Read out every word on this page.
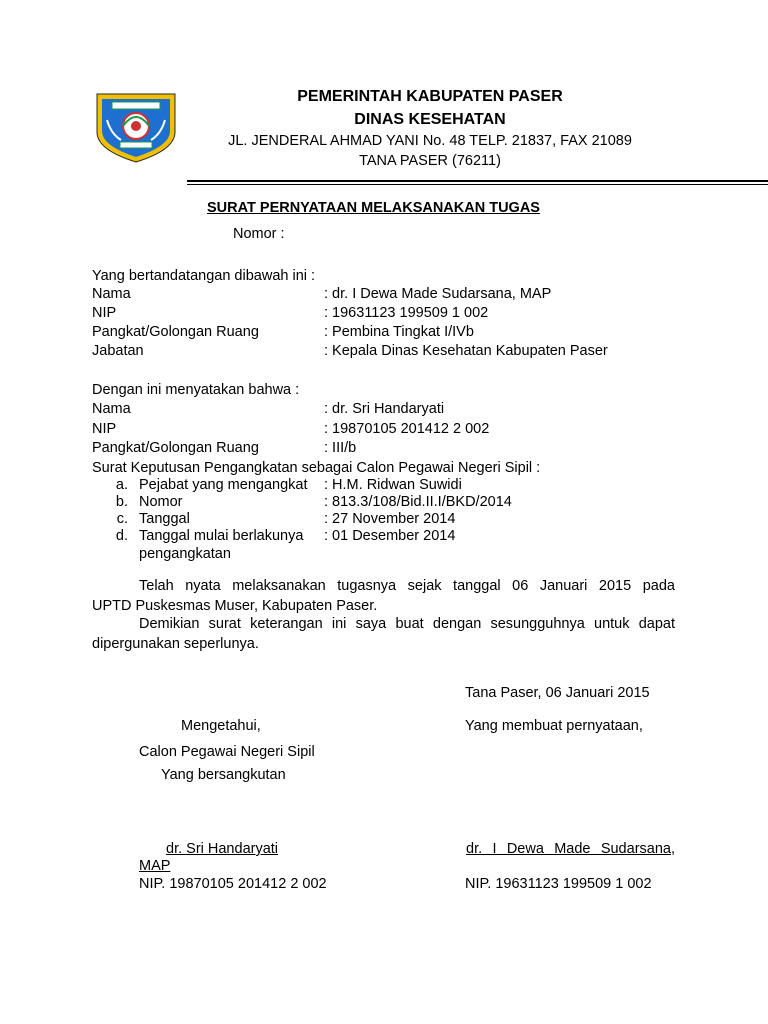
PEMERINTAH KABUPATEN PASER
DINAS KESEHATAN
JL. JENDERAL AHMAD YANI No. 48 TELP. 21837, FAX 21089
TANA PASER (76211)
SURAT PERNYATAAN MELAKSANAKAN TUGAS
Nomor :
Yang bertandatangan dibawah ini :
Nama	: dr. I Dewa Made Sudarsana, MAP
NIP	: 19631123 199509 1 002
Pangkat/Golongan Ruang	: Pembina Tingkat I/IVb
Jabatan	: Kepala Dinas Kesehatan Kabupaten Paser
Dengan ini menyatakan bahwa :
Nama	: dr. Sri Handaryati
NIP	: 19870105 201412 2 002
Pangkat/Golongan Ruang	: III/b
Surat Keputusan Pengangkatan sebagai Calon Pegawai Negeri Sipil :
a. Pejabat yang mengangkat : H.M. Ridwan Suwidi
b. Nomor	: 813.3/108/Bid.II.I/BKD/2014
c. Tanggal	: 27 November 2014
d. Tanggal mulai berlakunya : 01 Desember 2014
pengangkatan
Telah nyata melaksanakan tugasnya sejak tanggal 06 Januari 2015 pada
UPTD Puskesmas Muser, Kabupaten Paser.
Demikian surat keterangan ini saya buat dengan sesungguhnya untuk dapat
dipergunakan seperlunya.
Tana Paser, 06 Januari 2015
Mengetahui,	Yang membuat pernyataan,
Calon Pegawai Negeri Sipil
Yang bersangkutan
dr. Sri Handaryati	dr. I Dewa Made Sudarsana,
MAP
NIP. 19870105 201412 2 002	NIP. 19631123 199509 1 002
